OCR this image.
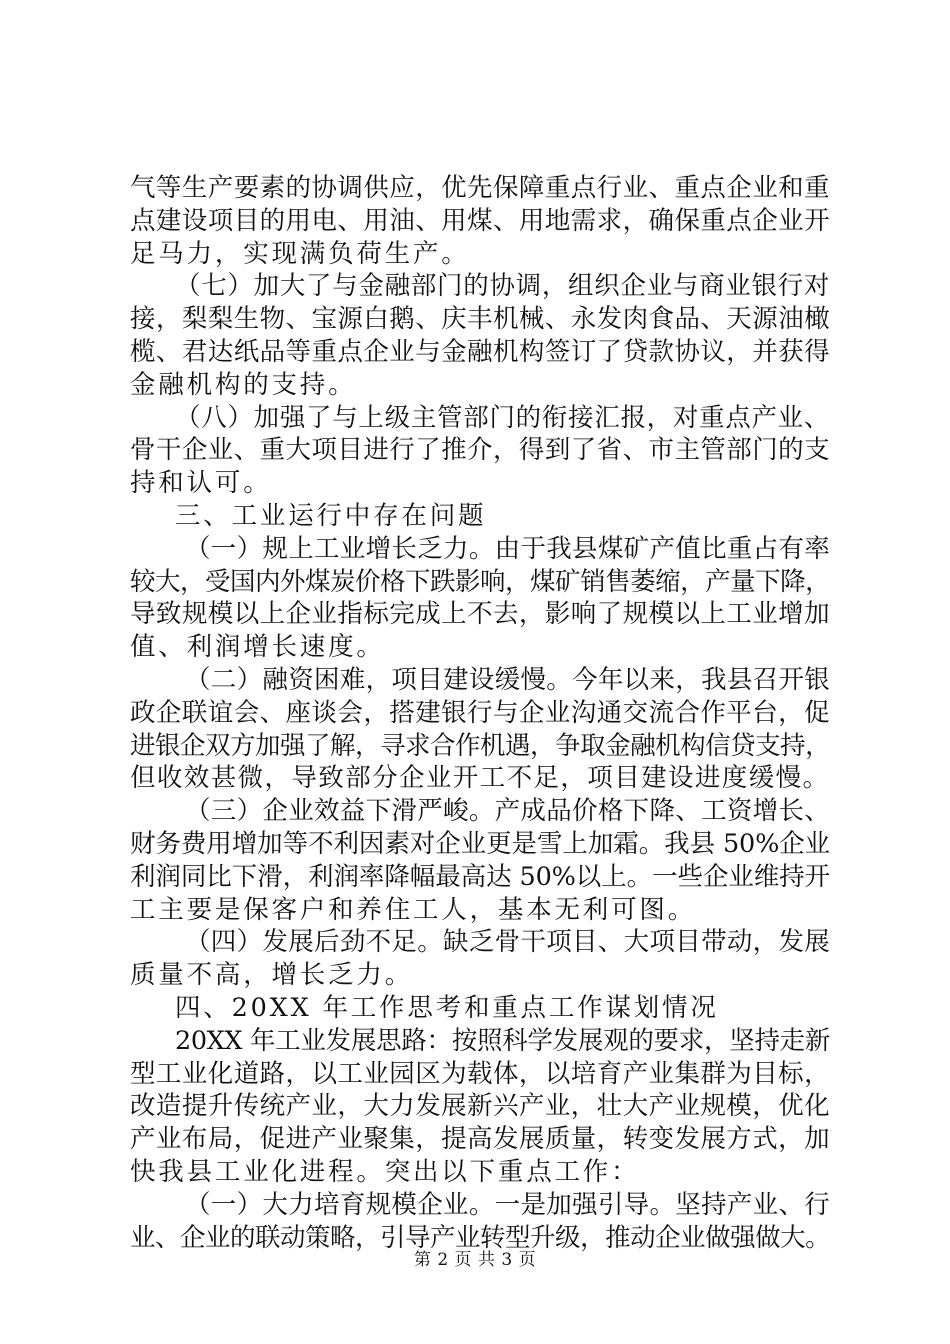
气等生产要素的协调供应，优先保障重点行业、重点企业和重
点建设项目的用电、用油、用煤、用地需求，确保重点企业开
足马力，实现满负荷生产。
（七）加大了与金融部门的协调，组织企业与商业银行对
接，梨梨生物、宝源白鹅、庆丰机械、永发肉食品、天源油橄
榄、君达纸品等重点企业与金融机构签订了贷款协议，并获得
金融机构的支持。
（八）加强了与上级主管部门的衔接汇报，对重点产业、
骨干企业、重大项目进行了推介，得到了省、市主管部门的支
持和认可。
三、工业运行中存在问题
（一）规上工业增长乏力。由于我县煤矿产值比重占有率
较大，受国内外煤炭价格下跌影响，煤矿销售萎缩，产量下降，
导致规模以上企业指标完成上不去，影响了规模以上工业增加
值、利润增长速度。
（二）融资困难，项目建设缓慢。今年以来，我县召开银
政企联谊会、座谈会，搭建银行与企业沟通交流合作平台，促
进银企双方加强了解，寻求合作机遇，争取金融机构信贷支持，
但收效甚微，导致部分企业开工不足，项目建设进度缓慢。
（三）企业效益下滑严峻。产成品价格下降、工资增长、
财务费用增加等不利因素对企业更是雪上加霜。我县 50%企业
利润同比下滑，利润率降幅最高达 50%以上。一些企业维持开
工主要是保客户和养住工人，基本无利可图。
（四）发展后劲不足。缺乏骨干项目、大项目带动，发展
质量不高，增长乏力。
四、20XX 年工作思考和重点工作谋划情况
20XX 年工业发展思路：按照科学发展观的要求，坚持走新
型工业化道路，以工业园区为载体，以培育产业集群为目标，
改造提升传统产业，大力发展新兴产业，壮大产业规模，优化
产业布局，促进产业聚集，提高发展质量，转变发展方式，加
快我县工业化进程。突出以下重点工作：
（一）大力培育规模企业。一是加强引导。坚持产业、行
业、企业的联动策略，引导产业转型升级，推动企业做强做大。
第 2 页 共 3 页
